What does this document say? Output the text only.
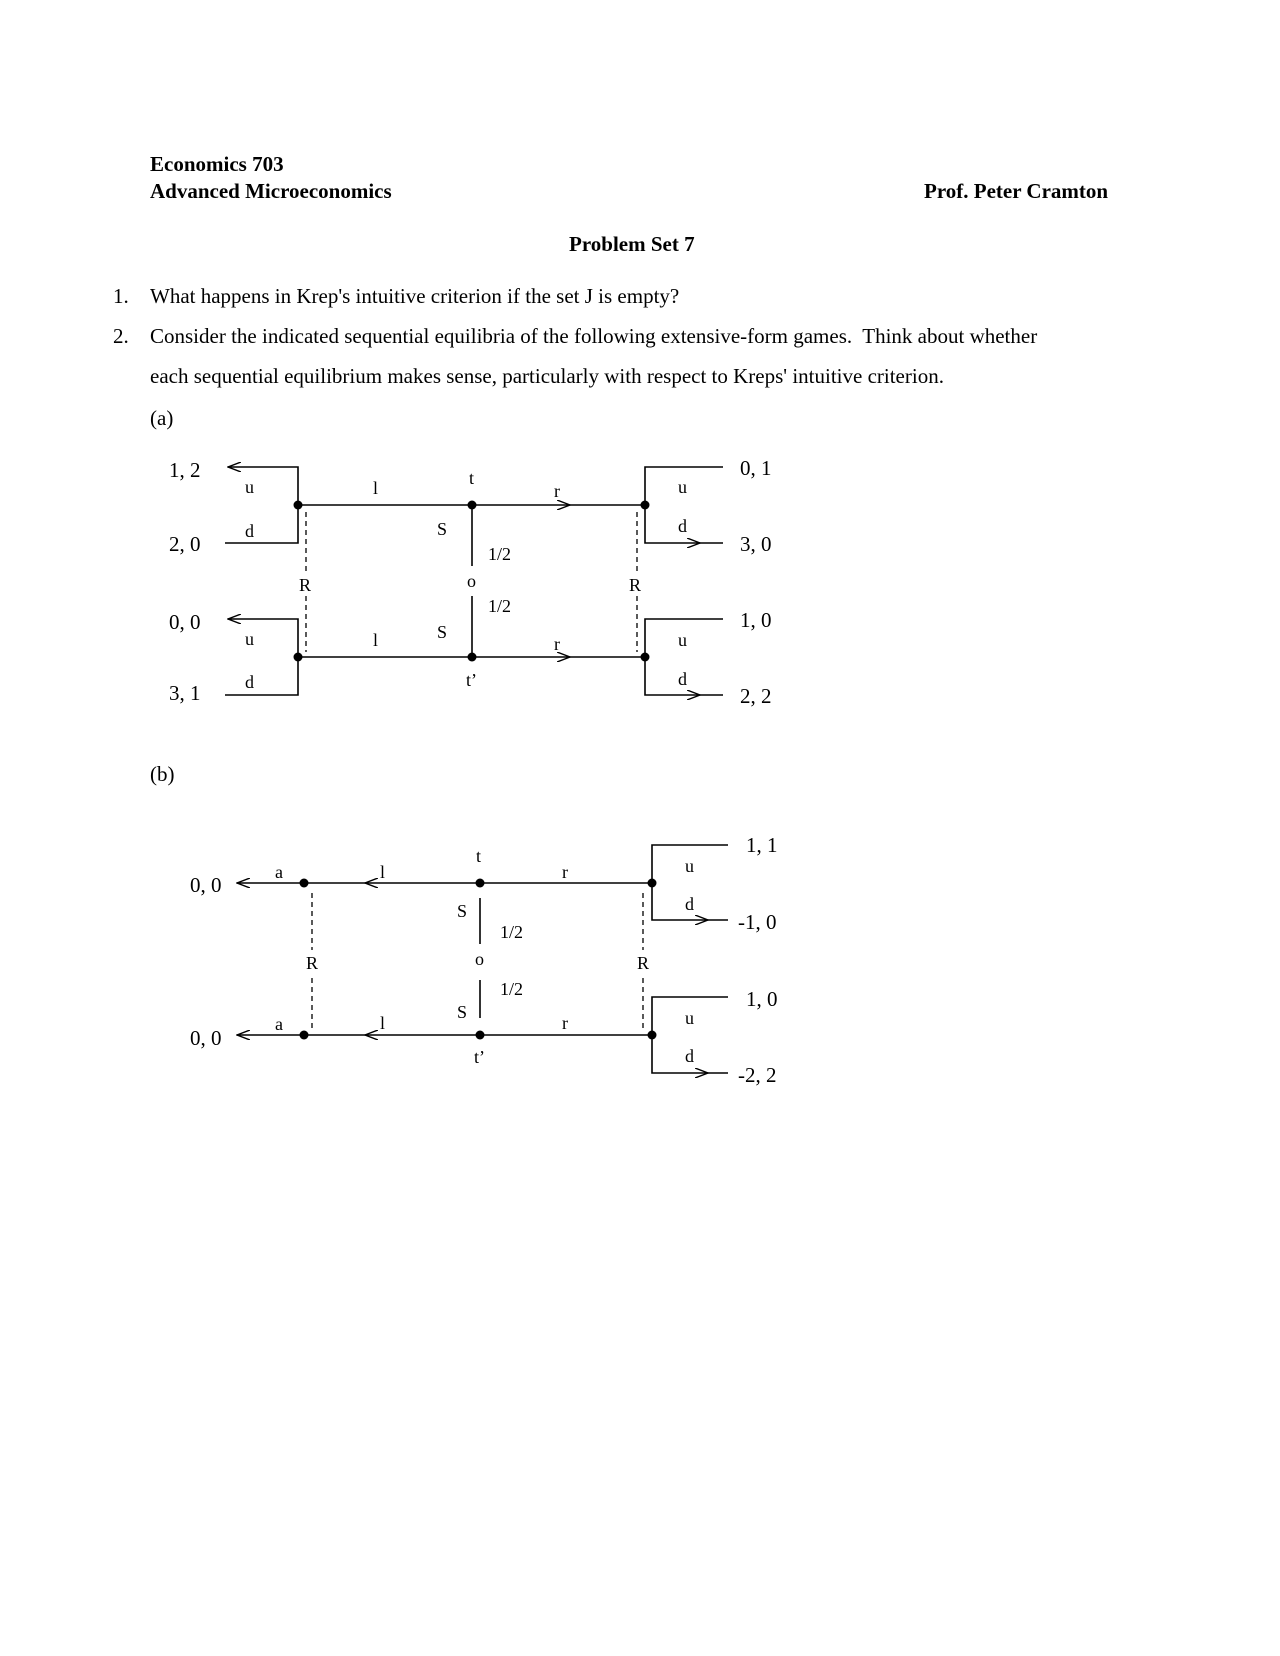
Economics 703
Advanced Microeconomics	Prof. Peter Cramton
Problem Set 7
1. What happens in Krep's intuitive criterion if the set J is empty?
2. Consider the indicated sequential equilibria of the following extensive-form games.  Think about whether
each sequential equilibrium makes sense, particularly with respect to Kreps' intuitive criterion.
(a)
(b)
1, 2
2, 0
0, 0
3, 1
0, 1
3, 0
1, 0
2, 2
u
d
u
d
u
d
u
d
l
l
r
r
t
t’
S
S
o
1/2
1/2
R	R
0, 0
0, 0
1, 1
-1, 0
1, 0
-2, 2
a
a
l
l
r
r
u
d
u
d
t
t’
S
S
o
1/2
1/2
R	R
